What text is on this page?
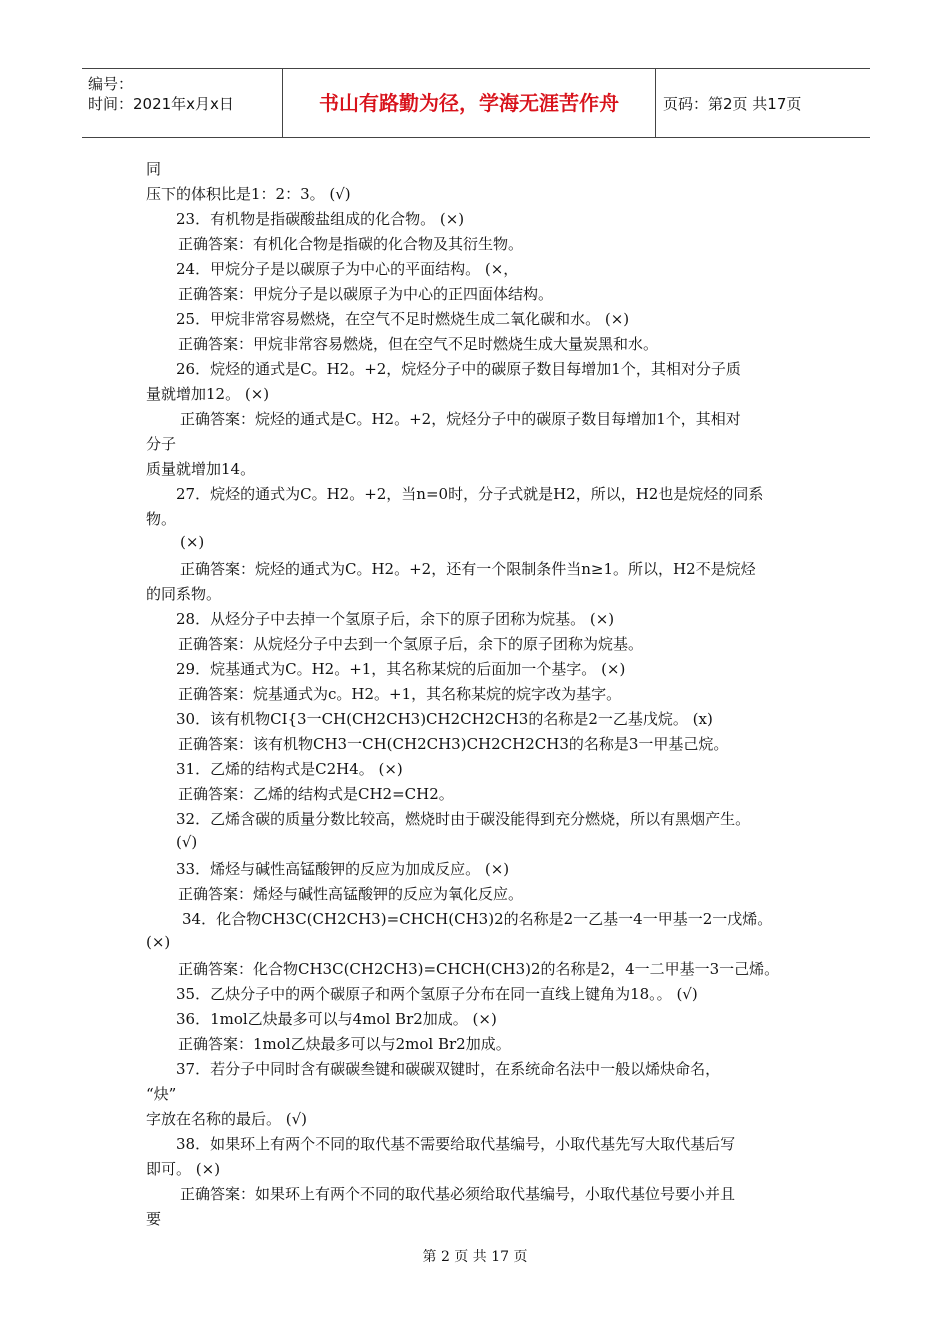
编号：
时间：2021年x月x日	书山有路勤为径，学海无涯苦作舟	页码：第2页 共17页
同
压下的体积比是1：2：3。 (√)
23．有机物是指碳酸盐组成的化合物。 (×)
正确答案：有机化合物是指碳的化合物及其衍生物。
24．甲烷分子是以碳原子为中心的平面结构。 (×，
正确答案：甲烷分子是以碳原子为中心的正四面体结构。
25．甲烷非常容易燃烧，在空气不足时燃烧生成二氧化碳和水。 (×)
正确答案：甲烷非常容易燃烧，但在空气不足时燃烧生成大量炭黑和水。
26．烷烃的通式是C。H2。+2，烷烃分子中的碳原子数目每增加1个，其相对分子质
量就增加12。 (×)
正确答案：烷烃的通式是C。H2。+2，烷烃分子中的碳原子数目每增加1个，其相对
分子
质量就增加14。
27．烷烃的通式为C。H2。+2，当n=0时，分子式就是H2，所以，H2也是烷烃的同系
物。
(×)
正确答案：烷烃的通式为C。H2。+2，还有一个限制条件当n≥1。所以，H2不是烷烃
的同系物。
28．从烃分子中去掉一个氢原子后，余下的原子团称为烷基。 (×)
正确答案：从烷烃分子中去到一个氢原子后，余下的原子团称为烷基。
29．烷基通式为C。H2。+1，其名称某烷的后面加一个基字。 (×)
正确答案：烷基通式为c。H2。+1，其名称某烷的烷字改为基字。
30．该有机物CI{3一CH(CH2CH3)CH2CH2CH3的名称是2一乙基戊烷。 (x)
正确答案：该有机物CH3一CH(CH2CH3)CH2CH2CH3的名称是3一甲基己烷。
31．乙烯的结构式是C2H4。 (×)
正确答案：乙烯的结构式是CH2=CH2。
32．乙烯含碳的质量分数比较高，燃烧时由于碳没能得到充分燃烧，所以有黑烟产生。
(√)
33．烯烃与碱性高锰酸钾的反应为加成反应。 (×)
正确答案：烯烃与碱性高锰酸钾的反应为氧化反应。
34．化合物CH3C(CH2CH3)=CHCH(CH3)2的名称是2一乙基一4一甲基一2一戊烯。
(×)
正确答案：化合物CH3C(CH2CH3)=CHCH(CH3)2的名称是2，4一二甲基一3一己烯。
35．乙炔分子中的两个碳原子和两个氢原子分布在同一直线上键角为18。。 (√)
36．1mol乙炔最多可以与4mol Br2加成。 (×)
正确答案：1mol乙炔最多可以与2mol Br2加成。
37．若分子中同时含有碳碳叁键和碳碳双键时，在系统命名法中一般以烯炔命名，
“炔”
字放在名称的最后。 (√)
38．如果环上有两个不同的取代基不需要给取代基编号，小取代基先写大取代基后写
即可。 (×)
正确答案：如果环上有两个不同的取代基必须给取代基编号，小取代基位号要小并且
要
第 2 页 共 17 页
